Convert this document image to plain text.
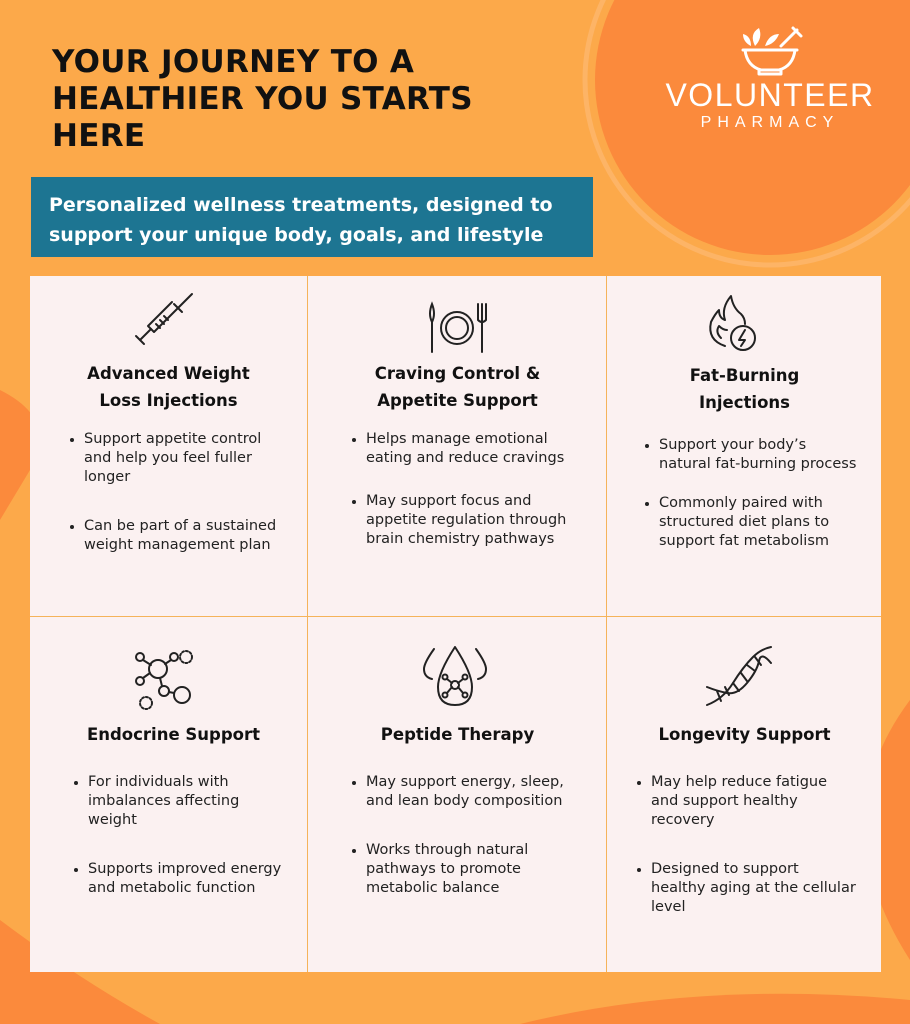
YOUR JOURNEY TO A HEALTHIER YOU STARTS HERE
VOLUNTEER
PHARMACY
Personalized wellness treatments, designed to support your unique body, goals, and lifestyle
Advanced Weight
Loss Injections
Support appetite control and help you feel fuller longer
Can be part of a sustained weight management plan
Craving Control &
Appetite Support
Helps manage emotional eating and reduce cravings
May support focus and appetite regulation through brain chemistry pathways
Fat-Burning
Injections
Support your body’s natural fat-burning process
Commonly paired with structured diet plans to support fat metabolism
Endocrine Support
For individuals with imbalances affecting weight
Supports improved energy and metabolic function
Peptide Therapy
May support energy, sleep, and lean body composition
Works through natural pathways to promote metabolic balance
Longevity Support
May help reduce fatigue and support healthy recovery
Designed to support healthy aging at the cellular level
